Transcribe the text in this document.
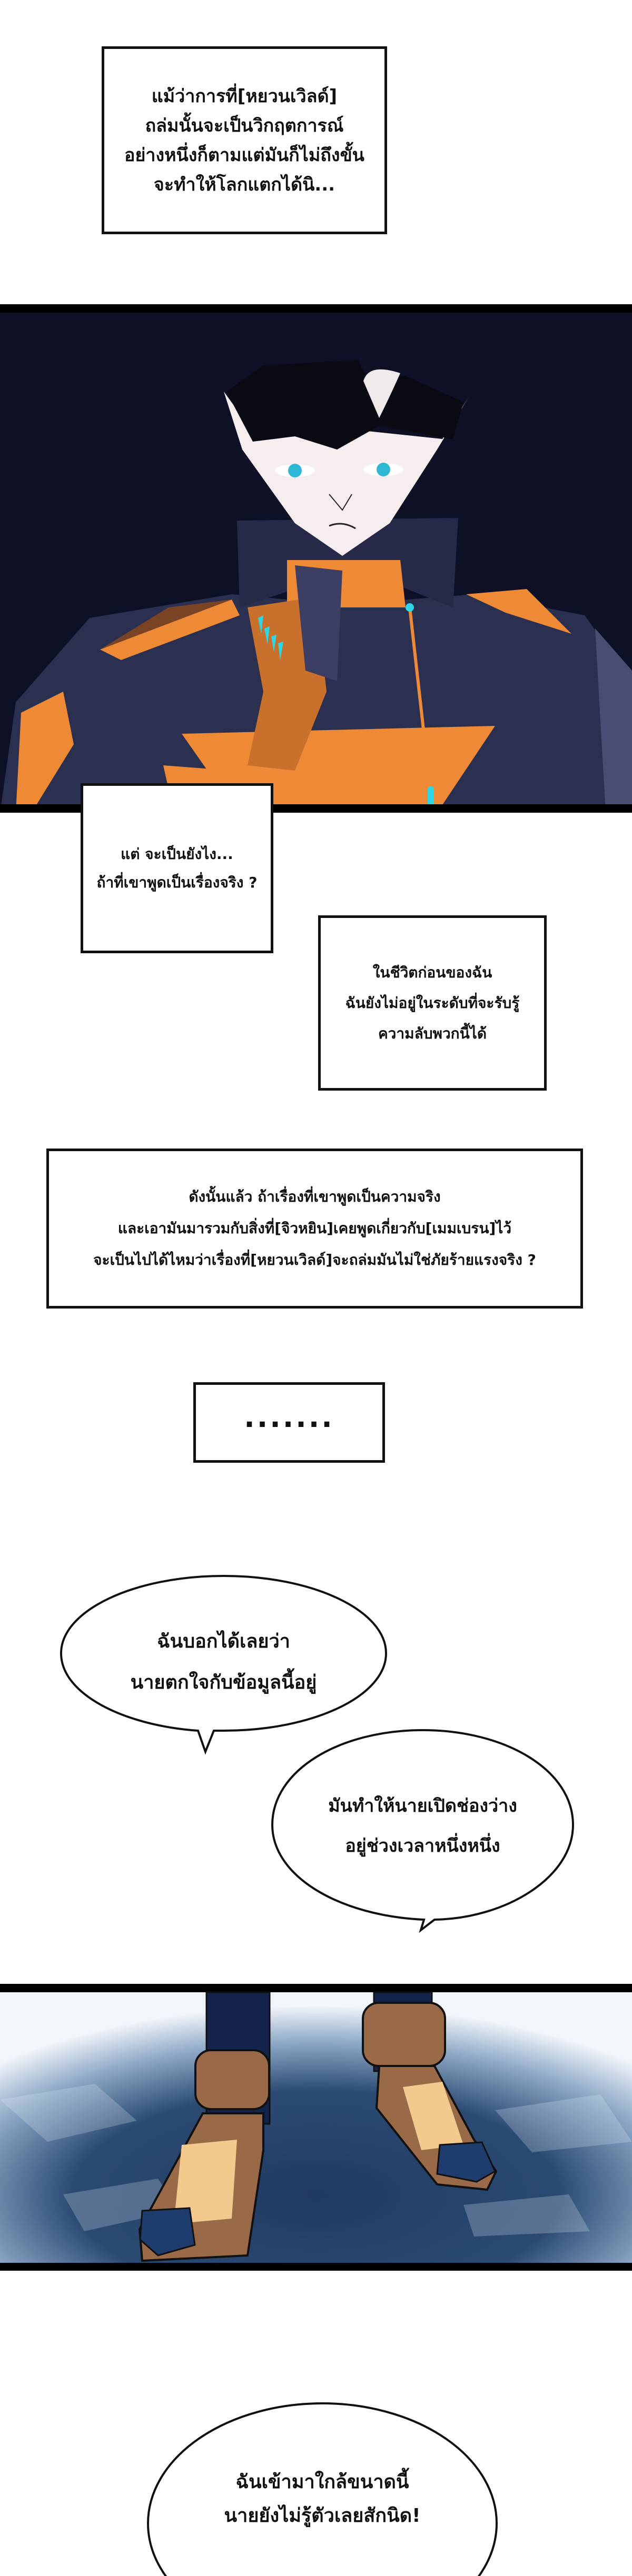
แม้ว่าการที่[หยวนเวิลด์]
ถล่มนั้นจะเป็นวิกฤตการณ์
อย่างหนึ่งก็ตามแต่มันก็ไม่ถึงขั้น
จะทำให้โลกแตกได้นิ...
แต่ จะเป็นยังไง...
ถ้าที่เขาพูดเป็นเรื่องจริง ?
ในชีวิตก่อนของฉัน
ฉันยังไม่อยู่ในระดับที่จะรับรู้
ความลับพวกนี้ได้
ดังนั้นแล้ว ถ้าเรื่องที่เขาพูดเป็นความจริง
และเอามันมารวมกับสิ่งที่[จิวหยิน]เคยพูดเกี่ยวกับ[เมมเบรน]ไว้
จะเป็นไปได้ไหมว่าเรื่องที่[หยวนเวิลด์]จะถล่มมันไม่ใช่ภัยร้ายแรงจริง ?
.......
ฉันบอกได้เลยว่า
นายตกใจกับข้อมูลนี้อยู่
มันทำให้นายเปิดช่องว่าง
อยู่ช่วงเวลาหนึ่งหนึ่ง
ฉันเข้ามาใกล้ขนาดนี้
นายยังไม่รู้ตัวเลยสักนิด!
